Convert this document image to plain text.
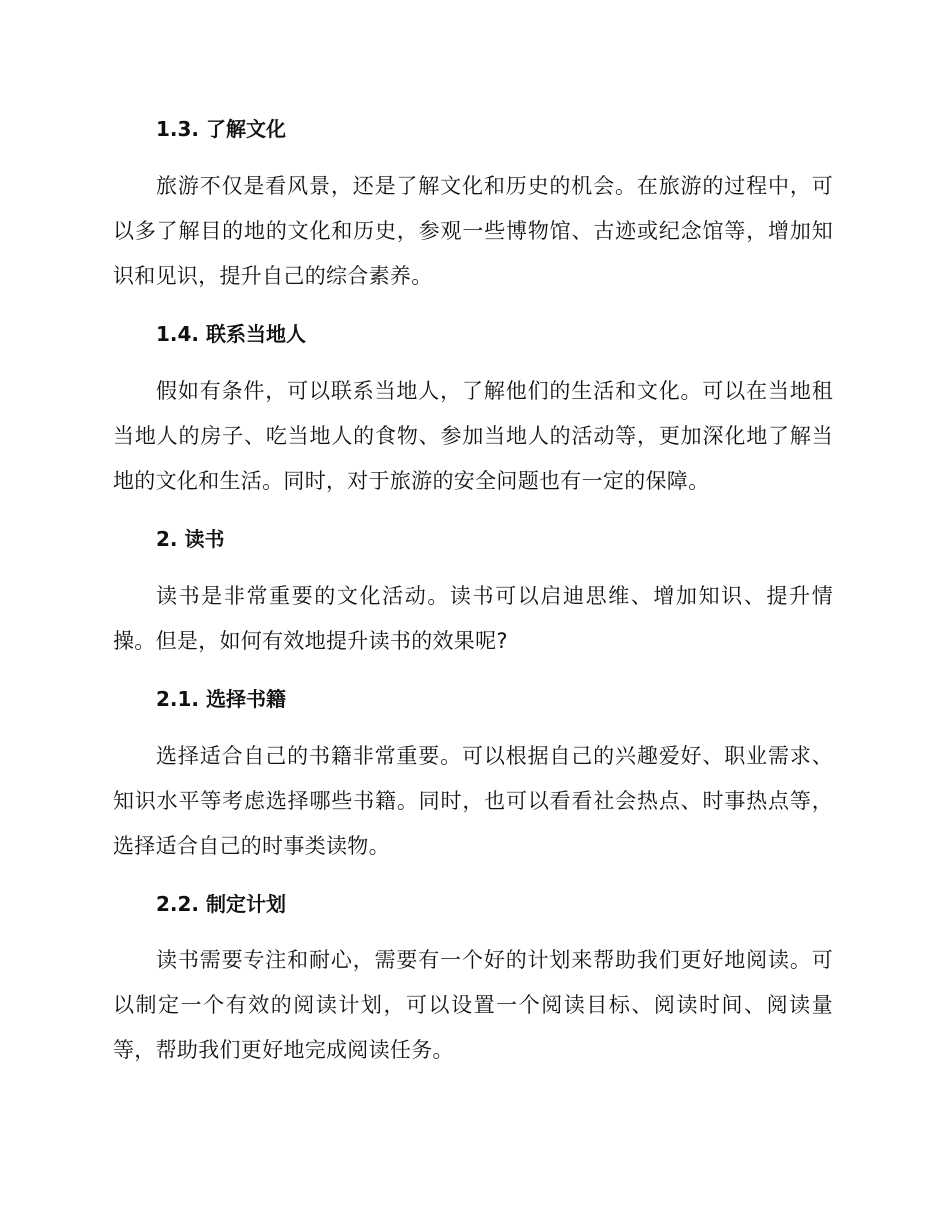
1.3. 了解文化
旅游不仅是看风景，还是了解文化和历史的机会。在旅游的过程中，可以多了解目的地的文化和历史，参观一些博物馆、古迹或纪念馆等，增加知识和见识，提升自己的综合素养。
1.4. 联系当地人
假如有条件，可以联系当地人，了解他们的生活和文化。可以在当地租当地人的房子、吃当地人的食物、参加当地人的活动等，更加深化地了解当地的文化和生活。同时，对于旅游的安全问题也有一定的保障。
2. 读书
读书是非常重要的文化活动。读书可以启迪思维、增加知识、提升情操。但是，如何有效地提升读书的效果呢?
2.1. 选择书籍
选择适合自己的书籍非常重要。可以根据自己的兴趣爱好、职业需求、知识水平等考虑选择哪些书籍。同时，也可以看看社会热点、时事热点等，选择适合自己的时事类读物。
2.2. 制定计划
读书需要专注和耐心，需要有一个好的计划来帮助我们更好地阅读。可以制定一个有效的阅读计划，可以设置一个阅读目标、阅读时间、阅读量等，帮助我们更好地完成阅读任务。
